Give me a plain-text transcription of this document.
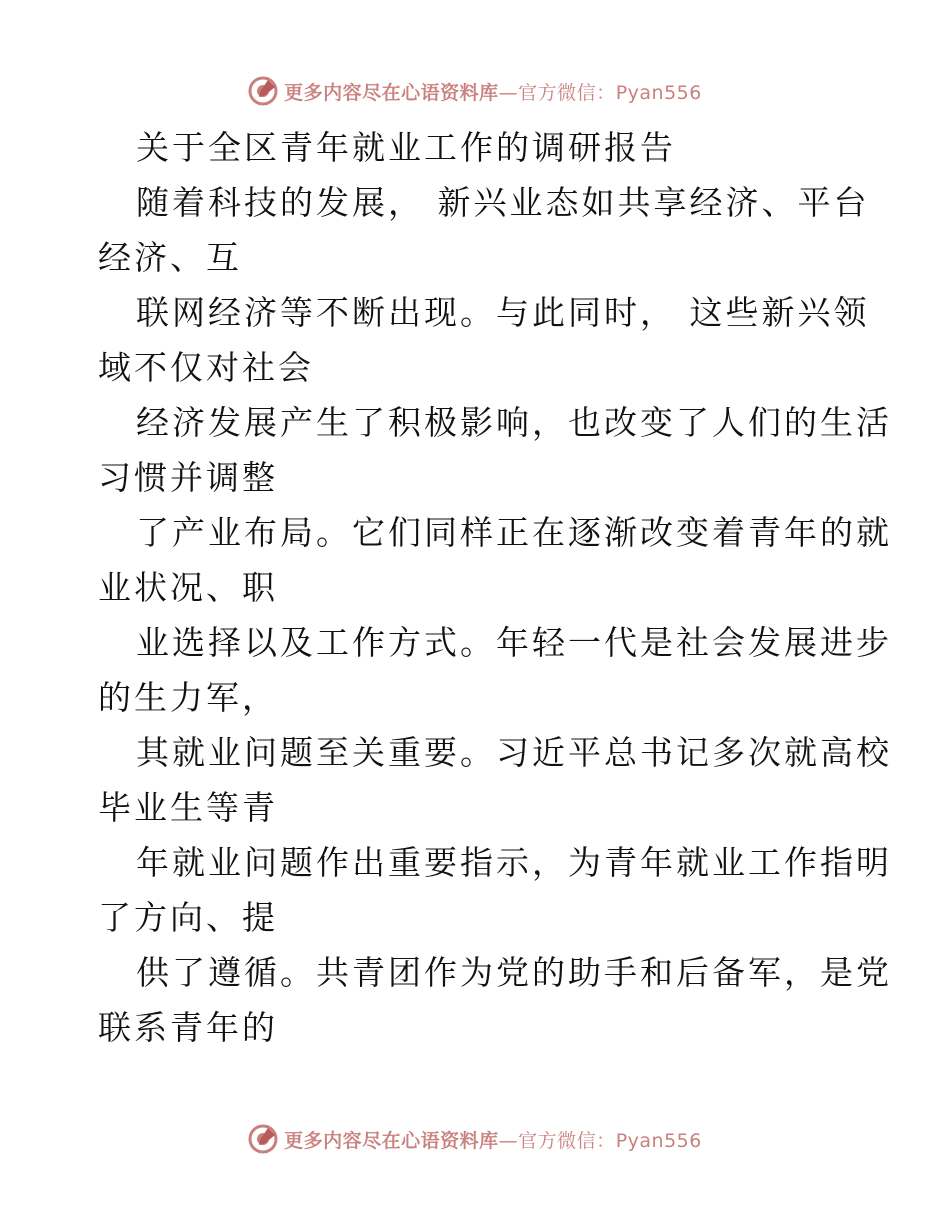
更多内容尽在心语资料库—官方微信：Pyan556
关于全区青年就业工作的调研报告
随着科技的发展， 新兴业态如共享经济、平台
经济、互
联网经济等不断出现。与此同时， 这些新兴领
域不仅对社会
经济发展产生了积极影响，也改变了人们的生活
习惯并调整
了产业布局。它们同样正在逐渐改变着青年的就
业状况、职
业选择以及工作方式。年轻一代是社会发展进步
的生力军，
其就业问题至关重要。习近平总书记多次就高校
毕业生等青
年就业问题作出重要指示，为青年就业工作指明
了方向、提
供了遵循。共青团作为党的助手和后备军，是党
联系青年的
更多内容尽在心语资料库—官方微信：Pyan556
